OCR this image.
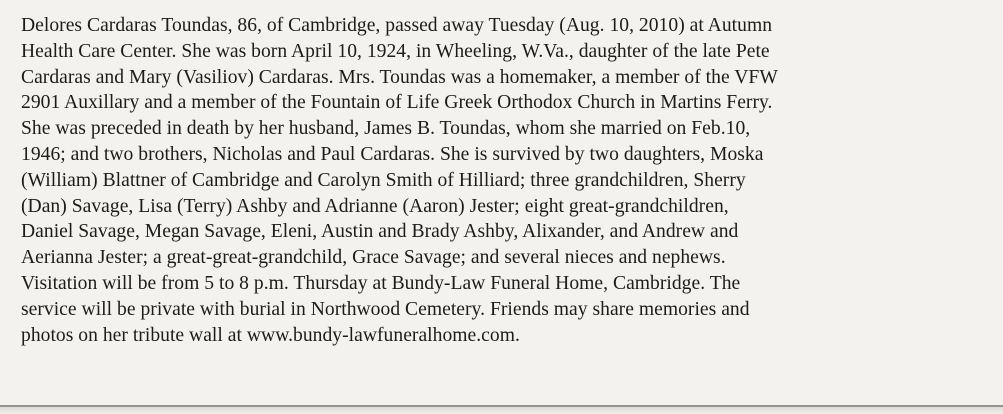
Delores Cardaras Toundas, 86, of Cambridge, passed away Tuesday (Aug. 10, 2010) at Autumn
Health Care Center. She was born April 10, 1924, in Wheeling, W.Va., daughter of the late Pete
Cardaras and Mary (Vasiliov) Cardaras. Mrs. Toundas was a homemaker, a member of the VFW
2901 Auxillary and a member of the Fountain of Life Greek Orthodox Church in Martins Ferry.
She was preceded in death by her husband, James B. Toundas, whom she married on Feb.10,
1946; and two brothers, Nicholas and Paul Cardaras. She is survived by two daughters, Moska
(William) Blattner of Cambridge and Carolyn Smith of Hilliard; three grandchildren, Sherry
(Dan) Savage, Lisa (Terry) Ashby and Adrianne (Aaron) Jester; eight great-grandchildren,
Daniel Savage, Megan Savage, Eleni, Austin and Brady Ashby, Alixander, and Andrew and
Aerianna Jester; a great-great-grandchild, Grace Savage; and several nieces and nephews.
Visitation will be from 5 to 8 p.m. Thursday at Bundy-Law Funeral Home, Cambridge. The
service will be private with burial in Northwood Cemetery. Friends may share memories and
photos on her tribute wall at www.bundy-lawfuneralhome.com.
